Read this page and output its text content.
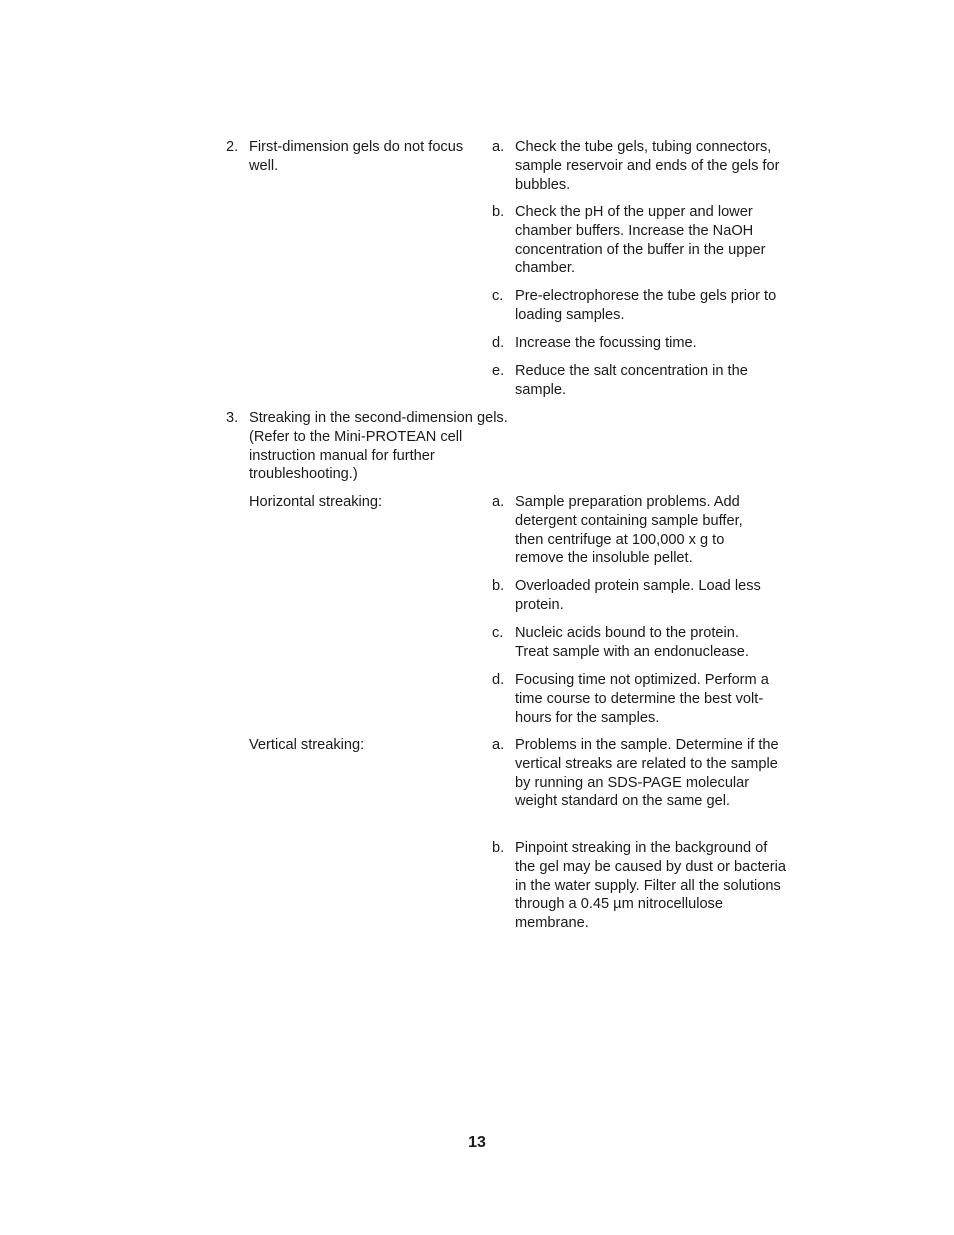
2. First-dimension gels do not focus well.
a. Check the tube gels, tubing connectors, sample reservoir and ends of the gels for bubbles.
b. Check the pH of the upper and lower chamber buffers. Increase the NaOH concentration of the buffer in the upper chamber.
c. Pre-electrophorese the tube gels prior to loading samples.
d. Increase the focussing time.
e. Reduce the salt concentration in the sample.
3. Streaking in the second-dimension gels. (Refer to the Mini-PROTEAN cell instruction manual for further troubleshooting.)
Horizontal streaking:	a. Sample preparation problems. Add detergent containing sample buffer, then centrifuge at 100,000 x g to remove the insoluble pellet.
b. Overloaded protein sample. Load less protein.
c. Nucleic acids bound to the protein. Treat sample with an endonuclease.
d. Focusing time not optimized. Perform a time course to determine the best volt-hours for the samples.
Vertical streaking:	a. Problems in the sample. Determine if the vertical streaks are related to the sample by running an SDS-PAGE molecular weight standard on the same gel.
b. Pinpoint streaking in the background of the gel may be caused by dust or bacteria in the water supply. Filter all the solutions through a 0.45 µm nitrocellulose membrane.
13
